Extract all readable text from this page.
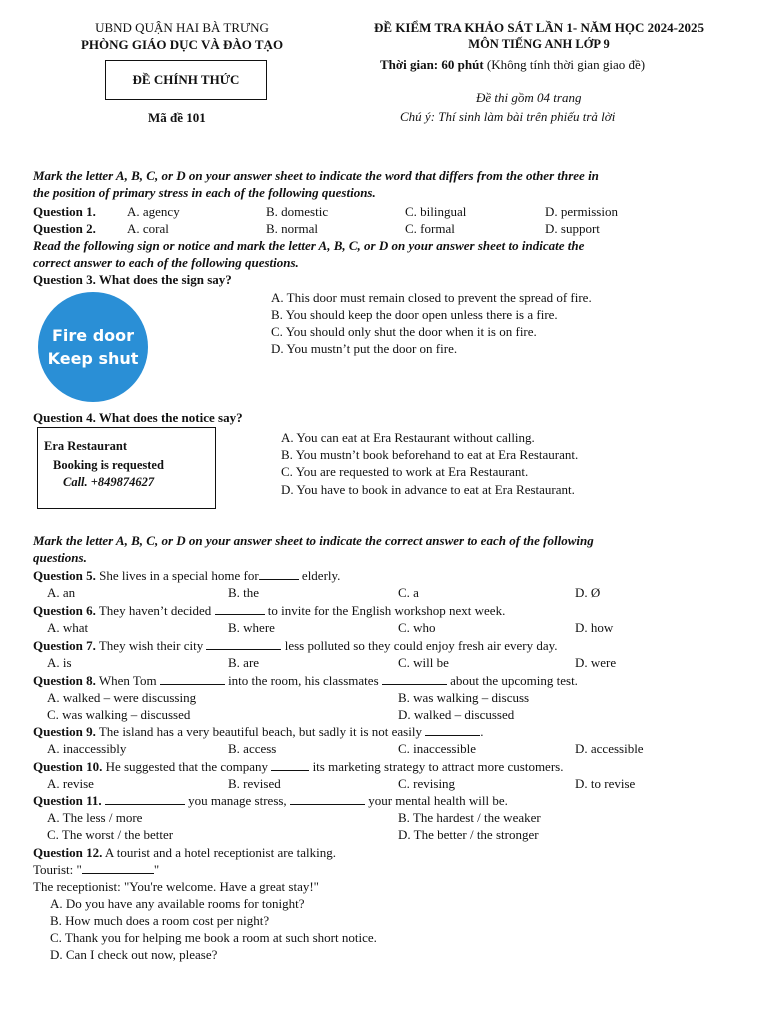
UBND QUẬN HAI BÀ TRƯNG
PHÒNG GIÁO DỤC VÀ ĐÀO TẠO
ĐỀ CHÍNH THỨC
Mã đề 101
ĐỀ KIỂM TRA KHẢO SÁT LẦN 1- NĂM HỌC 2024-2025
MÔN TIẾNG ANH LỚP 9
Thời gian: 60 phút (Không tính thời gian giao đề)
Đề thi gồm 04 trang
Chú ý: Thí sinh làm bài trên phiếu trả lời
Mark the letter A, B, C, or D on your answer sheet to indicate the word that differs from the other three in
the position of primary stress in each of the following questions.
Question 1. A. agency	B. domestic	C. bilingual	D. permission
Question 2. A. coral	B. normal	C. formal	D. support
Read the following sign or notice and mark the letter A, B, C, or D on your answer sheet to indicate the
correct answer to each of the following questions.
Question 3. What does the sign say?
Fire door
Keep shut
A. This door must remain closed to prevent the spread of fire.
B. You should keep the door open unless there is a fire.
C. You should only shut the door when it is on fire.
D. You mustn’t put the door on fire.
Question 4. What does the notice say?
Era Restaurant
Booking is requested
Call. +849874627
A. You can eat at Era Restaurant without calling.
B. You mustn’t book beforehand to eat at Era Restaurant.
C. You are requested to work at Era Restaurant.
D. You have to book in advance to eat at Era Restaurant.
Mark the letter A, B, C, or D on your answer sheet to indicate the correct answer to each of the following
questions.
Question 5. She lives in a special home for	elderly.
A. an	B. the	C. a	D. Ø
Question 6. They haven’t decided	to invite for the English workshop next week.
A. what	B. where	C. who	D. how
Question 7. They wish their city	less polluted so they could enjoy fresh air every day.
A. is	B. are	C. will be	D. were
Question 8. When Tom	into the room, his classmates	about the upcoming test.
A. walked – were discussing	B. was walking – discuss
C. was walking – discussed	D. walked – discussed
Question 9. The island has a very beautiful beach, but sadly it is not easily	.
A. inaccessibly	B. access	C. inaccessible	D. accessible
Question 10. He suggested that the company	its marketing strategy to attract more customers.
A. revise	B. revised	C. revising	D. to revise
Question 11.	you manage stress,	your mental health will be.
A. The less / more	B. The hardest / the weaker
C. The worst / the better	D. The better / the stronger
Question 12. A tourist and a hotel receptionist are talking.
Tourist: "	"
The receptionist: "You're welcome. Have a great stay!"
A. Do you have any available rooms for tonight?
B. How much does a room cost per night?
C. Thank you for helping me book a room at such short notice.
D. Can I check out now, please?
